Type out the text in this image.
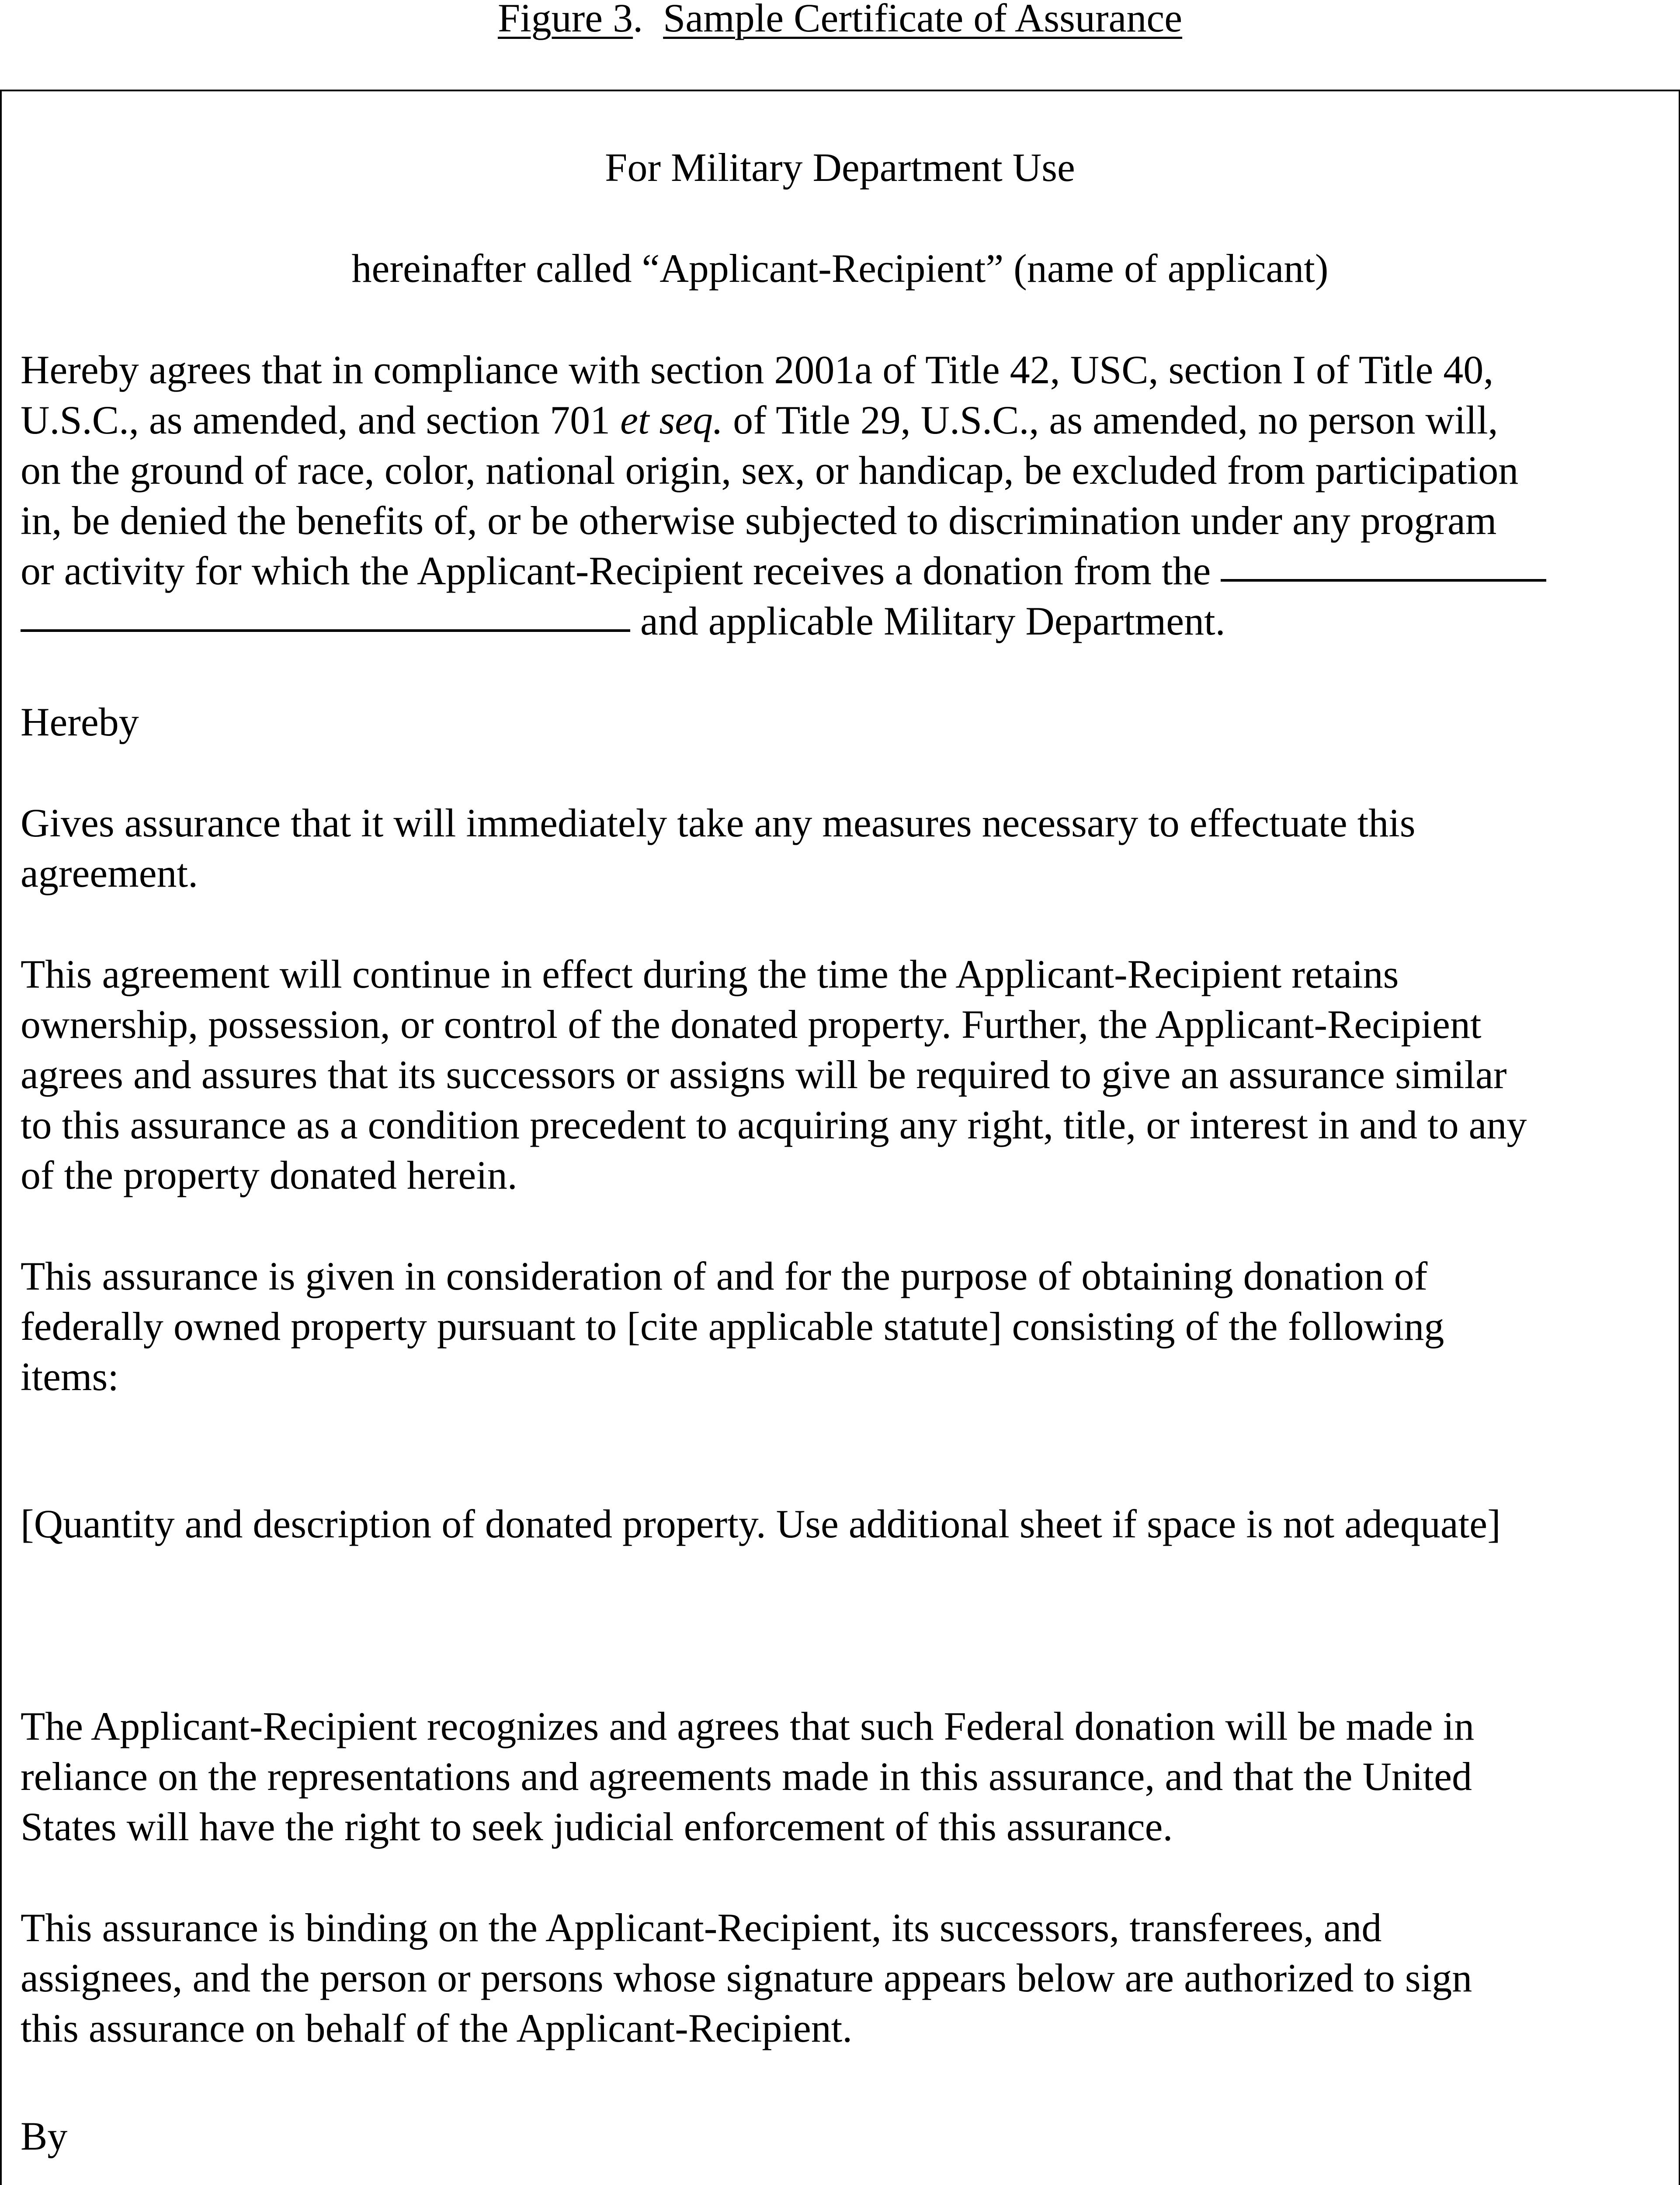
Figure 3. Sample Certificate of Assurance
For Military Department Use
hereinafter called “Applicant-Recipient” (name of applicant)
Hereby agrees that in compliance with section 2001a of Title 42, USC, section I of Title 40,
U.S.C., as amended, and section 701 et seq. of Title 29, U.S.C., as amended, no person will,
on the ground of race, color, national origin, sex, or handicap, be excluded from participation
in, be denied the benefits of, or be otherwise subjected to discrimination under any program
or activity for which the Applicant-Recipient receives a donation from the
and applicable Military Department.
Hereby
Gives assurance that it will immediately take any measures necessary to effectuate this
agreement.
This agreement will continue in effect during the time the Applicant-Recipient retains
ownership, possession, or control of the donated property. Further, the Applicant-Recipient
agrees and assures that its successors or assigns will be required to give an assurance similar
to this assurance as a condition precedent to acquiring any right, title, or interest in and to any
of the property donated herein.
This assurance is given in consideration of and for the purpose of obtaining donation of
federally owned property pursuant to [cite applicable statute] consisting of the following
items:
[Quantity and description of donated property. Use additional sheet if space is not adequate]
The Applicant-Recipient recognizes and agrees that such Federal donation will be made in
reliance on the representations and agreements made in this assurance, and that the United
States will have the right to seek judicial enforcement of this assurance.
This assurance is binding on the Applicant-Recipient, its successors, transferees, and
assignees, and the person or persons whose signature appears below are authorized to sign
this assurance on behalf of the Applicant-Recipient.
By
